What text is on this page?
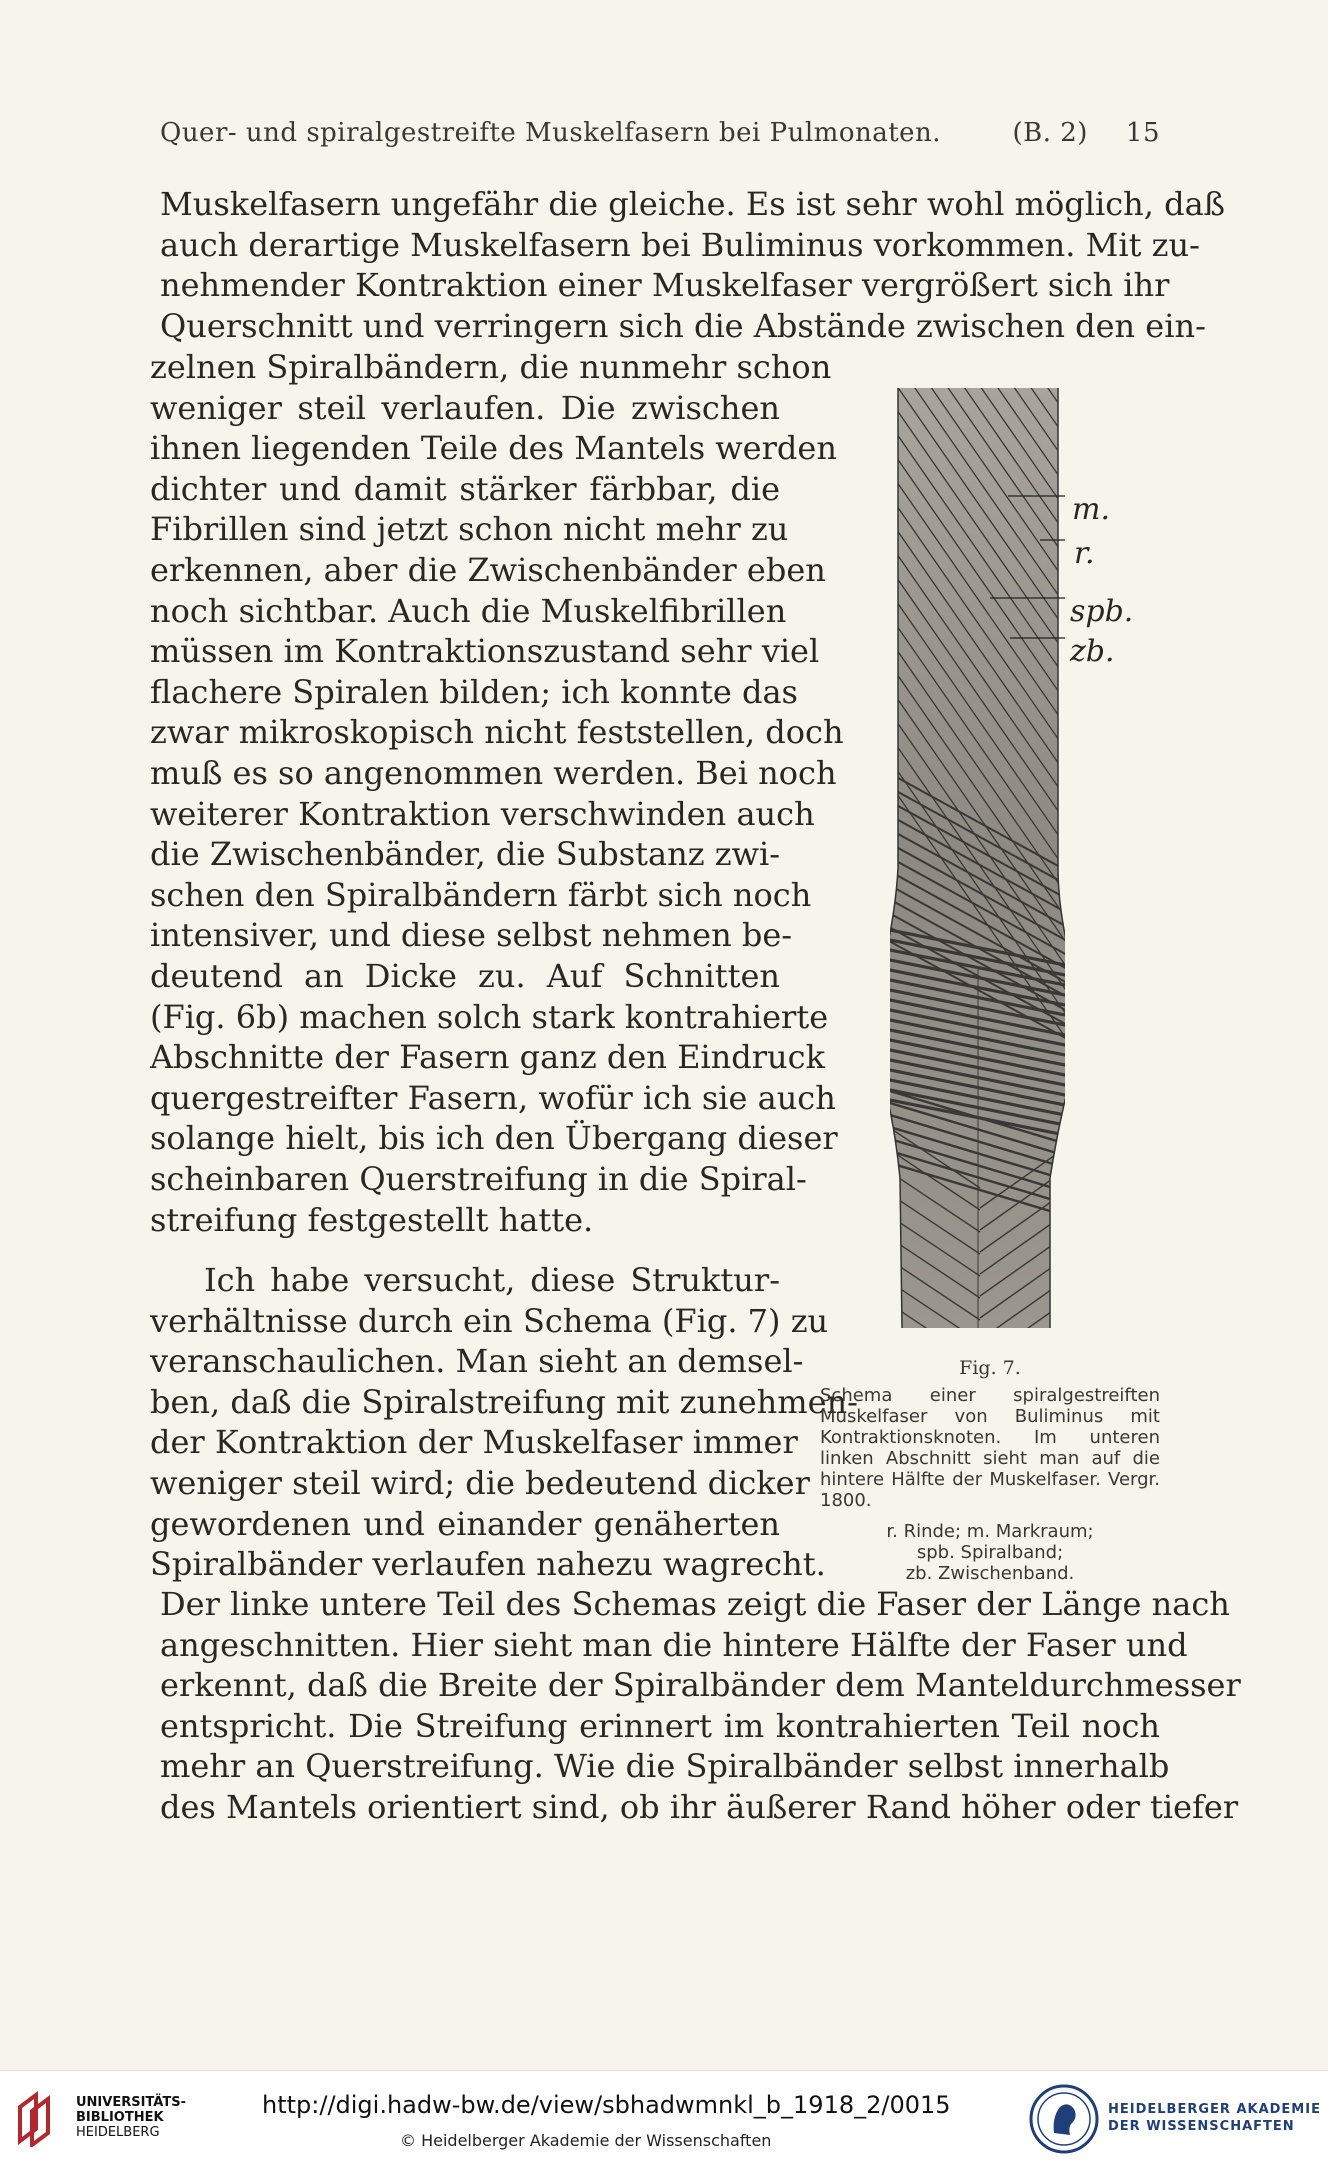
Quer- und spiralgestreifte Muskelfasern bei Pulmonaten.	(B. 2) 15
Muskelfasern ungefähr die gleiche. Es ist sehr wohl möglich, daß
auch derartige Muskelfasern bei Buliminus vorkommen. Mit zu-
nehmender Kontraktion einer Muskelfaser vergrößert sich ihr
Querschnitt und verringern sich die Abstände zwischen den ein-
zelnen Spiralbändern, die nunmehr schon
weniger steil verlaufen. Die zwischen
ihnen liegenden Teile des Mantels werden
dichter und damit stärker färbbar, die
Fibrillen sind jetzt schon nicht mehr zu
erkennen, aber die Zwischenbänder eben
noch sichtbar. Auch die Muskelfibrillen
müssen im Kontraktionszustand sehr viel
flachere Spiralen bilden; ich konnte das
zwar mikroskopisch nicht feststellen, doch
muß es so angenommen werden. Bei noch
weiterer Kontraktion verschwinden auch
die Zwischenbänder, die Substanz zwi-
schen den Spiralbändern färbt sich noch
intensiver, und diese selbst nehmen be-
deutend an Dicke zu. Auf Schnitten
(Fig. 6b) machen solch stark kontrahierte
Abschnitte der Fasern ganz den Eindruck
quergestreifter Fasern, wofür ich sie auch
solange hielt, bis ich den Übergang dieser
scheinbaren Querstreifung in die Spiral-
streifung festgestellt hatte.
Ich habe versucht, diese Struktur-
verhältnisse durch ein Schema (Fig. 7) zu
veranschaulichen. Man sieht an demsel-
ben, daß die Spiralstreifung mit zunehmen-
der Kontraktion der Muskelfaser immer
weniger steil wird; die bedeutend dicker
gewordenen und einander genäherten
Spiralbänder verlaufen nahezu wagrecht.
Der linke untere Teil des Schemas zeigt die Faser der Länge nach
angeschnitten. Hier sieht man die hintere Hälfte der Faser und
erkennt, daß die Breite der Spiralbänder dem Manteldurchmesser
entspricht. Die Streifung erinnert im kontrahierten Teil noch
mehr an Querstreifung. Wie die Spiralbänder selbst innerhalb
des Mantels orientiert sind, ob ihr äußerer Rand höher oder tiefer
m.
r.
spb.
zb.
Fig. 7.
Schema einer spiralgestreiften Muskelfaser von Buliminus mit Kontraktionsknoten. Im unteren linken Abschnitt sieht man auf die hintere Hälfte der Muskelfaser. Vergr. 1800.
r. Rinde; m. Markraum;
spb. Spiralband;
zb. Zwischenband.
UNIVERSITÄTS-
BIBLIOTHEK
HEIDELBERG
http://digi.hadw-bw.de/view/sbhadwmnkl_b_1918_2/0015
© Heidelberger Akademie der Wissenschaften
HEIDELBERGER AKADEMIE
DER WISSENSCHAFTEN
